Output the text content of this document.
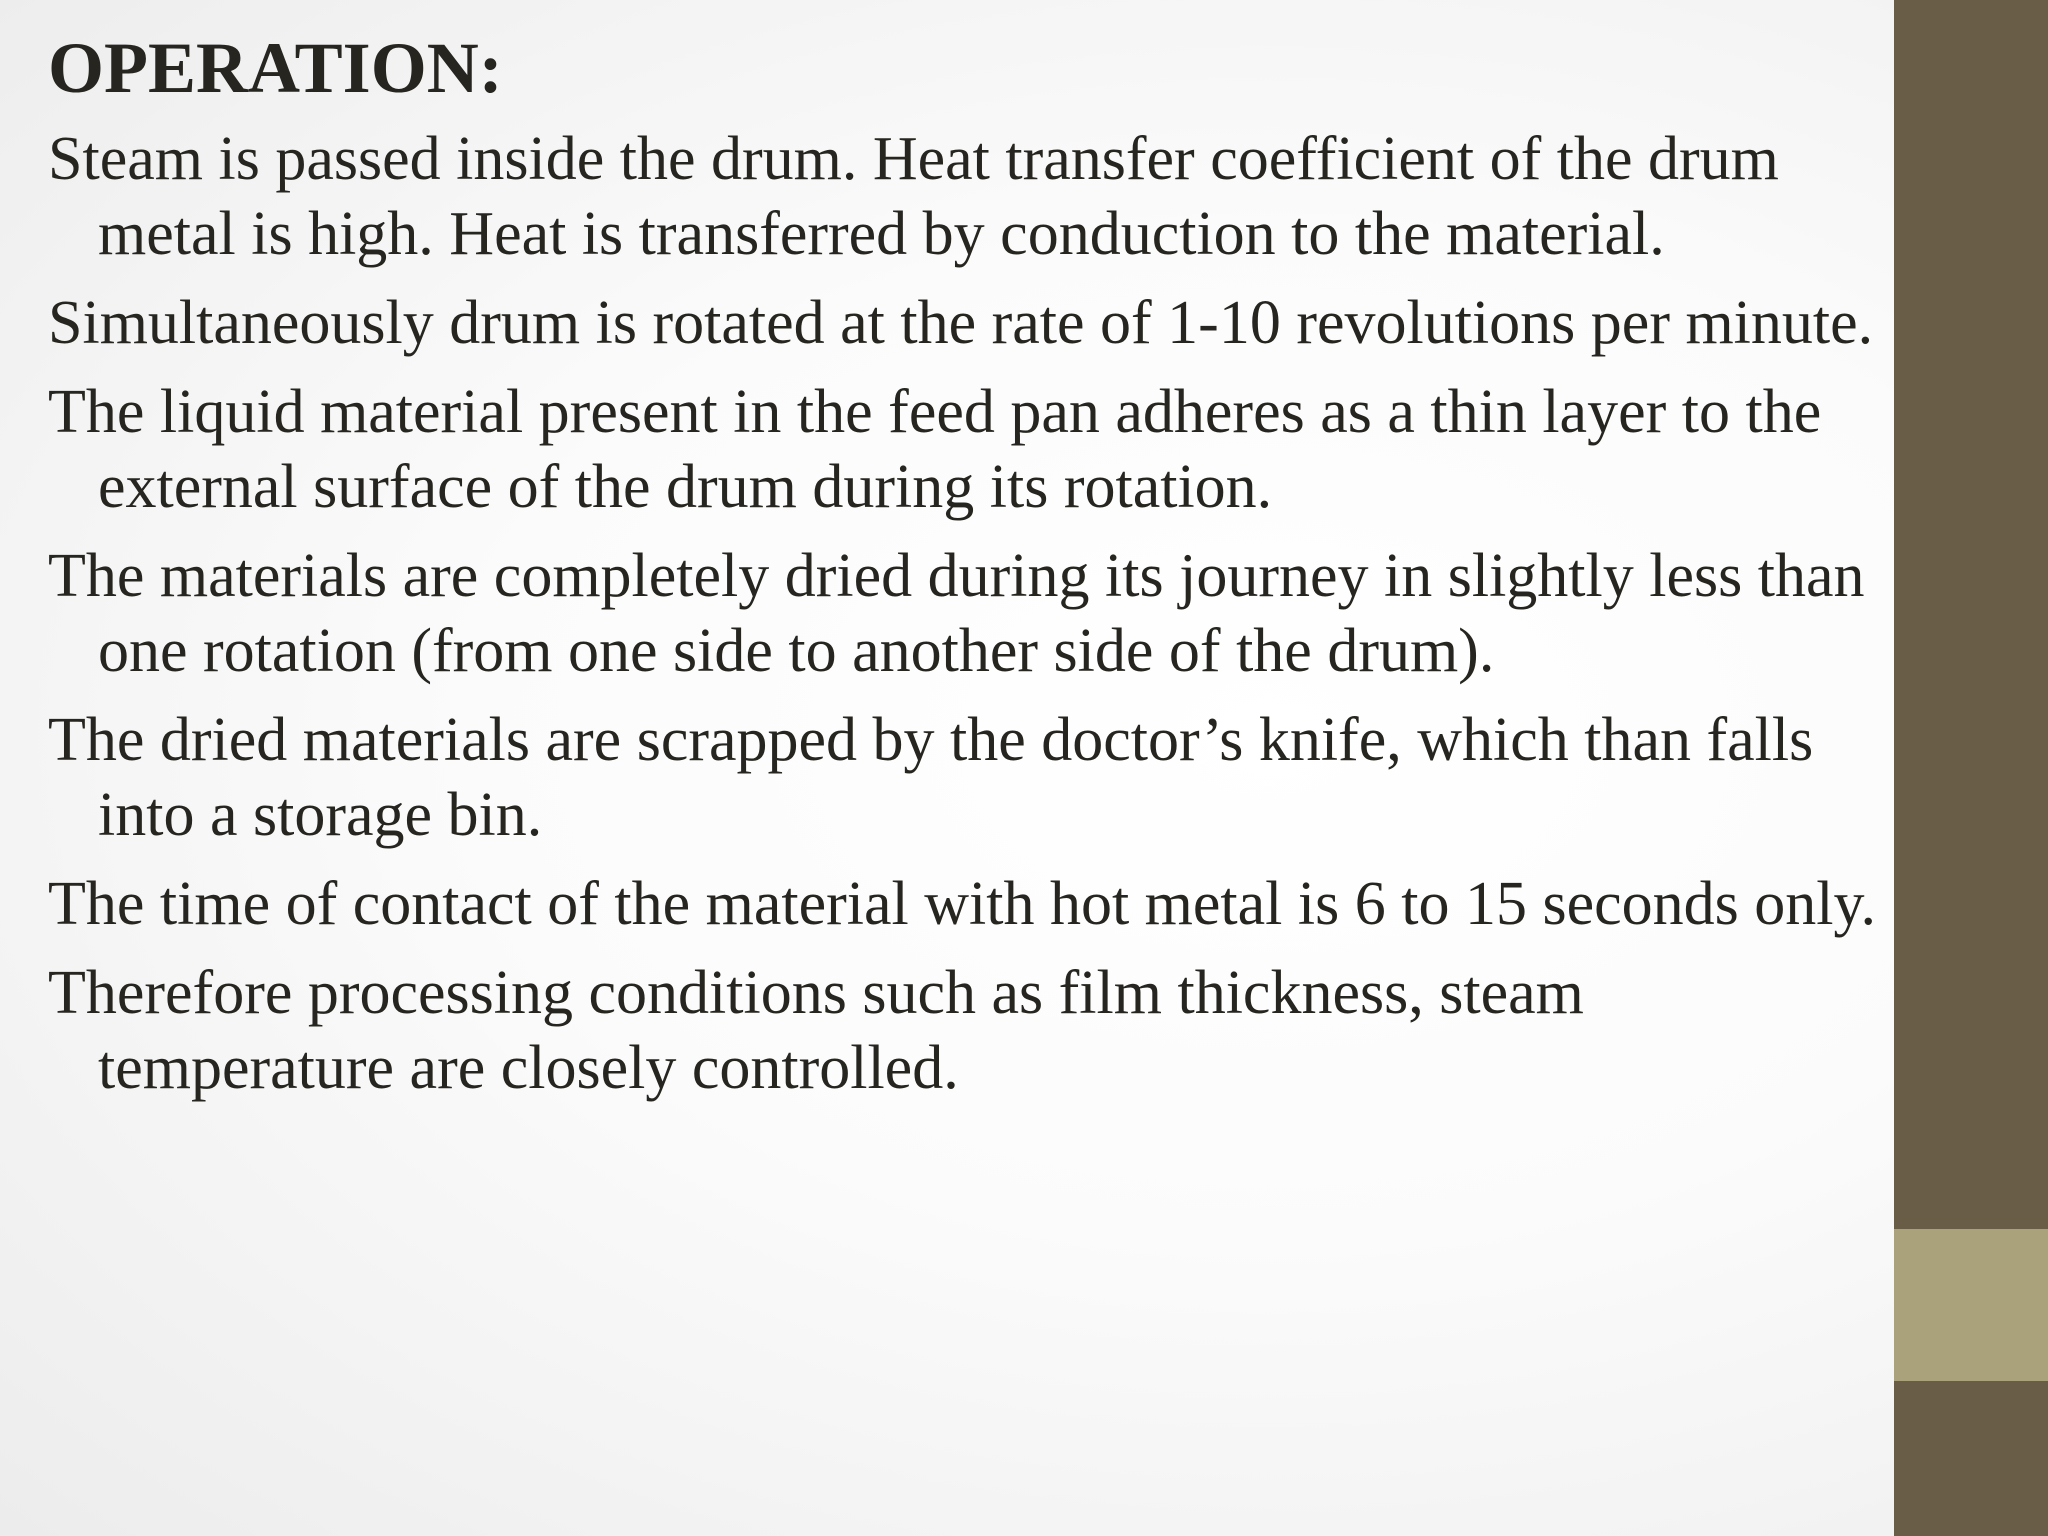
OPERATION:
Steam is passed inside the drum. Heat transfer coefficient of the drum metal is high. Heat is transferred by conduction to the material.
Simultaneously drum is rotated at the rate of 1-10 revolutions per minute.
The liquid material present in the feed pan adheres as a thin layer to the external surface of the drum during its rotation.
The materials are completely dried during its journey in slightly less than one rotation (from one side to another side of the drum).
The dried materials are scrapped by the doctor’s knife, which than falls into a storage bin.
The time of contact of the material with hot metal is 6 to 15 seconds only.
Therefore processing conditions such as film thickness, steam temperature are closely controlled.
